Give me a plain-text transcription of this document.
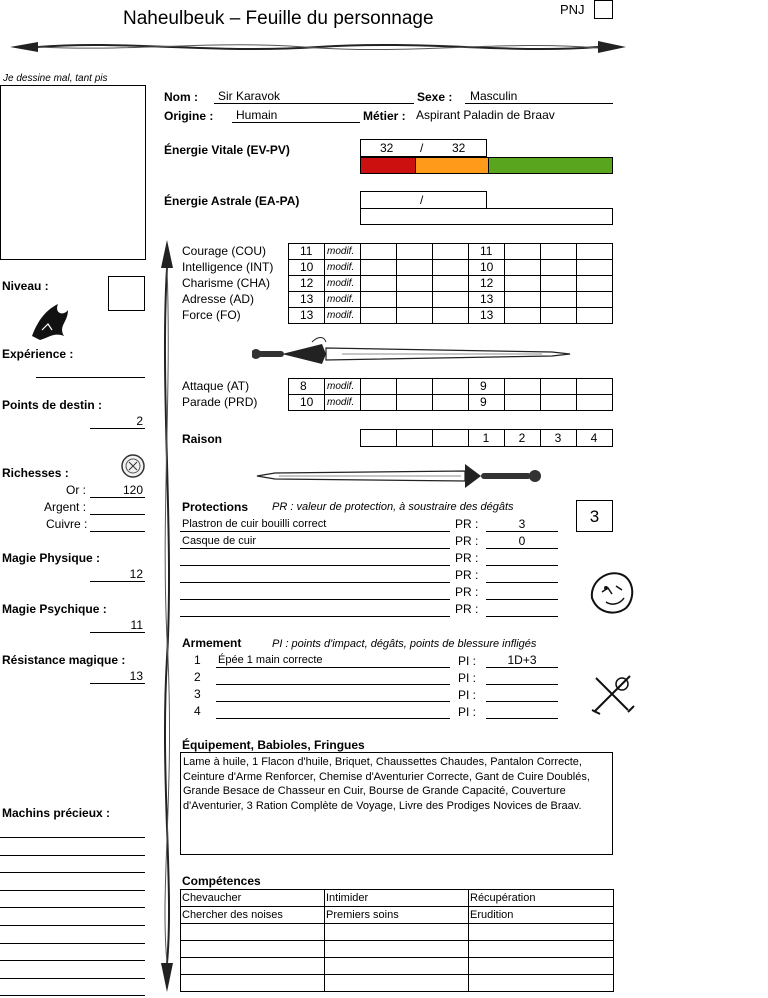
Naheulbeuk – Feuille du personnage	PNJ
Je dessine mal, tant pis
Niveau :
Expérience :
Points de destin :
2
Richesses :
Or :	120
Argent :
Cuivre :
Magie Physique :
12
Magie Psychique :
11
Résistance magique :
13
Machins précieux :
Nom : Sir Karavok	Sexe : Masculin
Origine : Humain	Métier : Aspirant Paladin de Braav
Énergie Vitale (EV-PV)	32 / 32
Énergie Astrale (EA-PA)	/
Courage (COU)	11 modif.	11
Intelligence (INT) 10 modif.	10
Charisme (CHA) 12 modif.	12
Adresse (AD)	13 modif.	13
Force (FO)	13 modif.	13
Attaque (AT)	8 modif.	9
Parade (PRD)	10 modif.	9
Raison	1	2	3	4
Protections PR : valeur de protection, à soustraire des dégâts	3
Plastron de cuir bouilli correct	PR :	3
Casque de cuir	PR :	0
PR :
PR :
PR :
PR :
Armement	PI : points d'impact, dégâts, points de blessure infligés
1 Épée 1 main correcte	PI :	1D+3
2	PI :
3	PI :
4	PI :
Équipement, Babioles, Fringues
Lame à huile, 1 Flacon d'huile, Briquet, Chaussettes Chaudes, Pantalon Correcte,
Ceinture d'Arme Renforcer, Chemise d'Aventurier Correcte, Gant de Cuire Doublés,
Grande Besace de Chasseur en Cuir, Bourse de Grande Capacité, Couverture
d'Aventurier, 3 Ration Complète de Voyage, Livre des Prodiges Novices de Braav.
Compétences
Chevaucher	Intimider	Récupération
Chercher des noises	Premiers soins	Erudition
